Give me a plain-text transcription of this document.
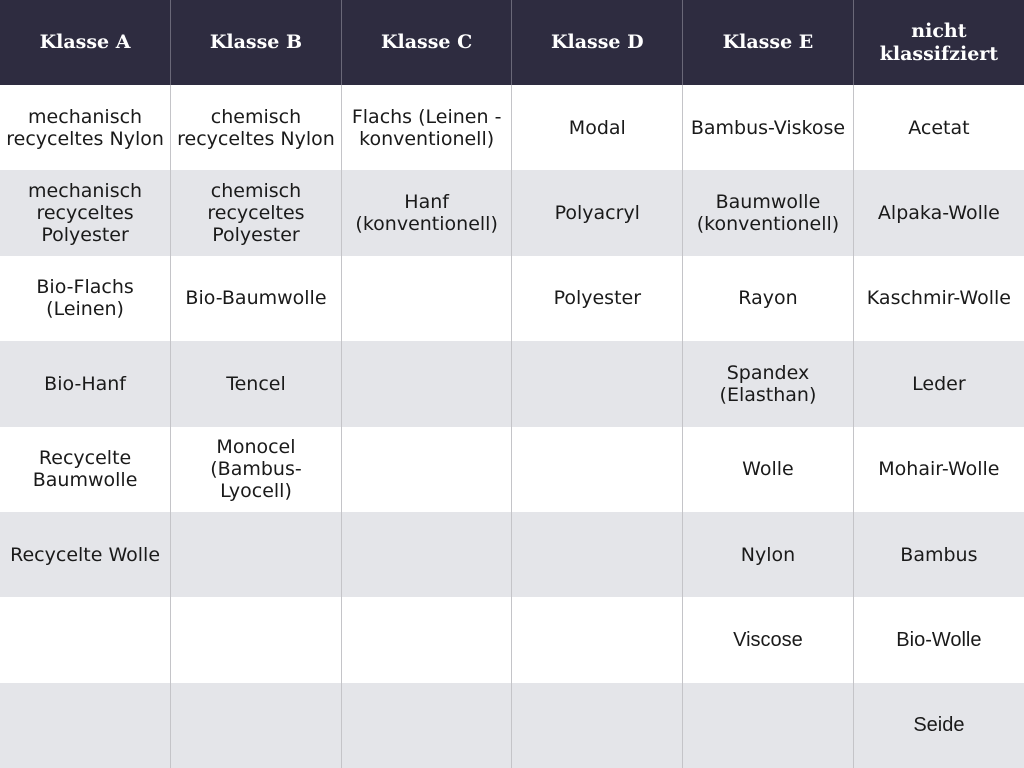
Klasse A	Klasse B	Klasse C	Klasse D	Klasse E	nicht klassifziert
mechanisch recyceltes Nylon	chemisch recyceltes Nylon	Flachs (Leinen - konventionell)	Modal	Bambus-Viskose	Acetat
mechanisch recyceltes Polyester	chemisch recyceltes Polyester	Hanf (konventionell)	Polyacryl	Baumwolle (konventionell)	Alpaka-Wolle
Bio-Flachs (Leinen)	Bio-Baumwolle		Polyester	Rayon	Kaschmir-Wolle
Bio-Hanf	Tencel			Spandex (Elasthan)	Leder
Recycelte Baumwolle	Monocel (Bambus-Lyocell)			Wolle	Mohair-Wolle
Recycelte Wolle				Nylon	Bambus
				Viscose	Bio-Wolle
					Seide
